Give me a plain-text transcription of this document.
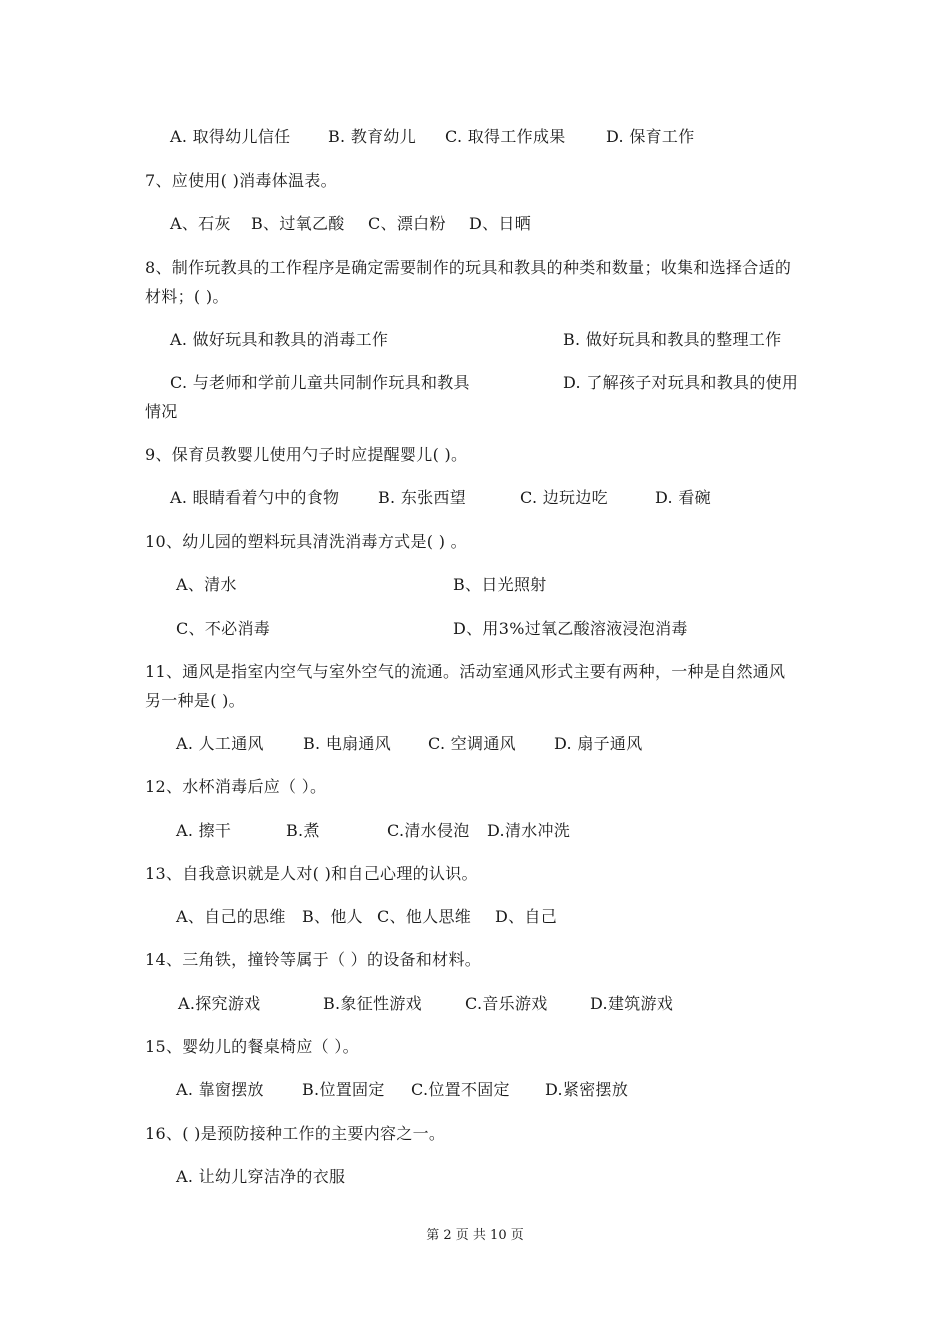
A. 取得幼儿信任 B. 教育幼儿 C. 取得工作成果	D. 保育工作
7、应使用( )消毒体温表。
A、石灰 B、过氧乙酸 C、漂白粉 D、日晒
8、制作玩教具的工作程序是确定需要制作的玩具和教具的种类和数量；收集和选择合适的
材料；( )。
A. 做好玩具和教具的消毒工作	B. 做好玩具和教具的整理工作
C. 与老师和学前儿童共同制作玩具和教具	D. 了解孩子对玩具和教具的使用
情况
9、保育员教婴儿使用勺子时应提醒婴儿( )。
A. 眼睛看着勺中的食物 B. 东张西望	C. 边玩边吃	D. 看碗
10、幼儿园的塑料玩具清洗消毒方式是( ) 。
A、清水	B、日光照射
C、不必消毒	D、用3%过氧乙酸溶液浸泡消毒
11、通风是指室内空气与室外空气的流通。活动室通风形式主要有两种，一种是自然通风
另一种是( )。
A. 人工通风 B. 电扇通风 C. 空调通风 D. 扇子通风
12、水杯消毒后应（ ）。
A. 擦干	B.煮	C.清水侵泡 D.清水冲洗
13、自我意识就是人对( )和自己心理的认识。
A、自己的思维 B、他人 C、他人思维 D、自己
14、三角铁，撞铃等属于（ ）的设备和材料。
A.探究游戏	B.象征性游戏	C.音乐游戏	D.建筑游戏
15、婴幼儿的餐桌椅应（ ）。
A. 靠窗摆放 B.位置固定 C.位置不固定 D.紧密摆放
16、( )是预防接种工作的主要内容之一。
A. 让幼儿穿洁净的衣服
第 2 页 共 10 页
